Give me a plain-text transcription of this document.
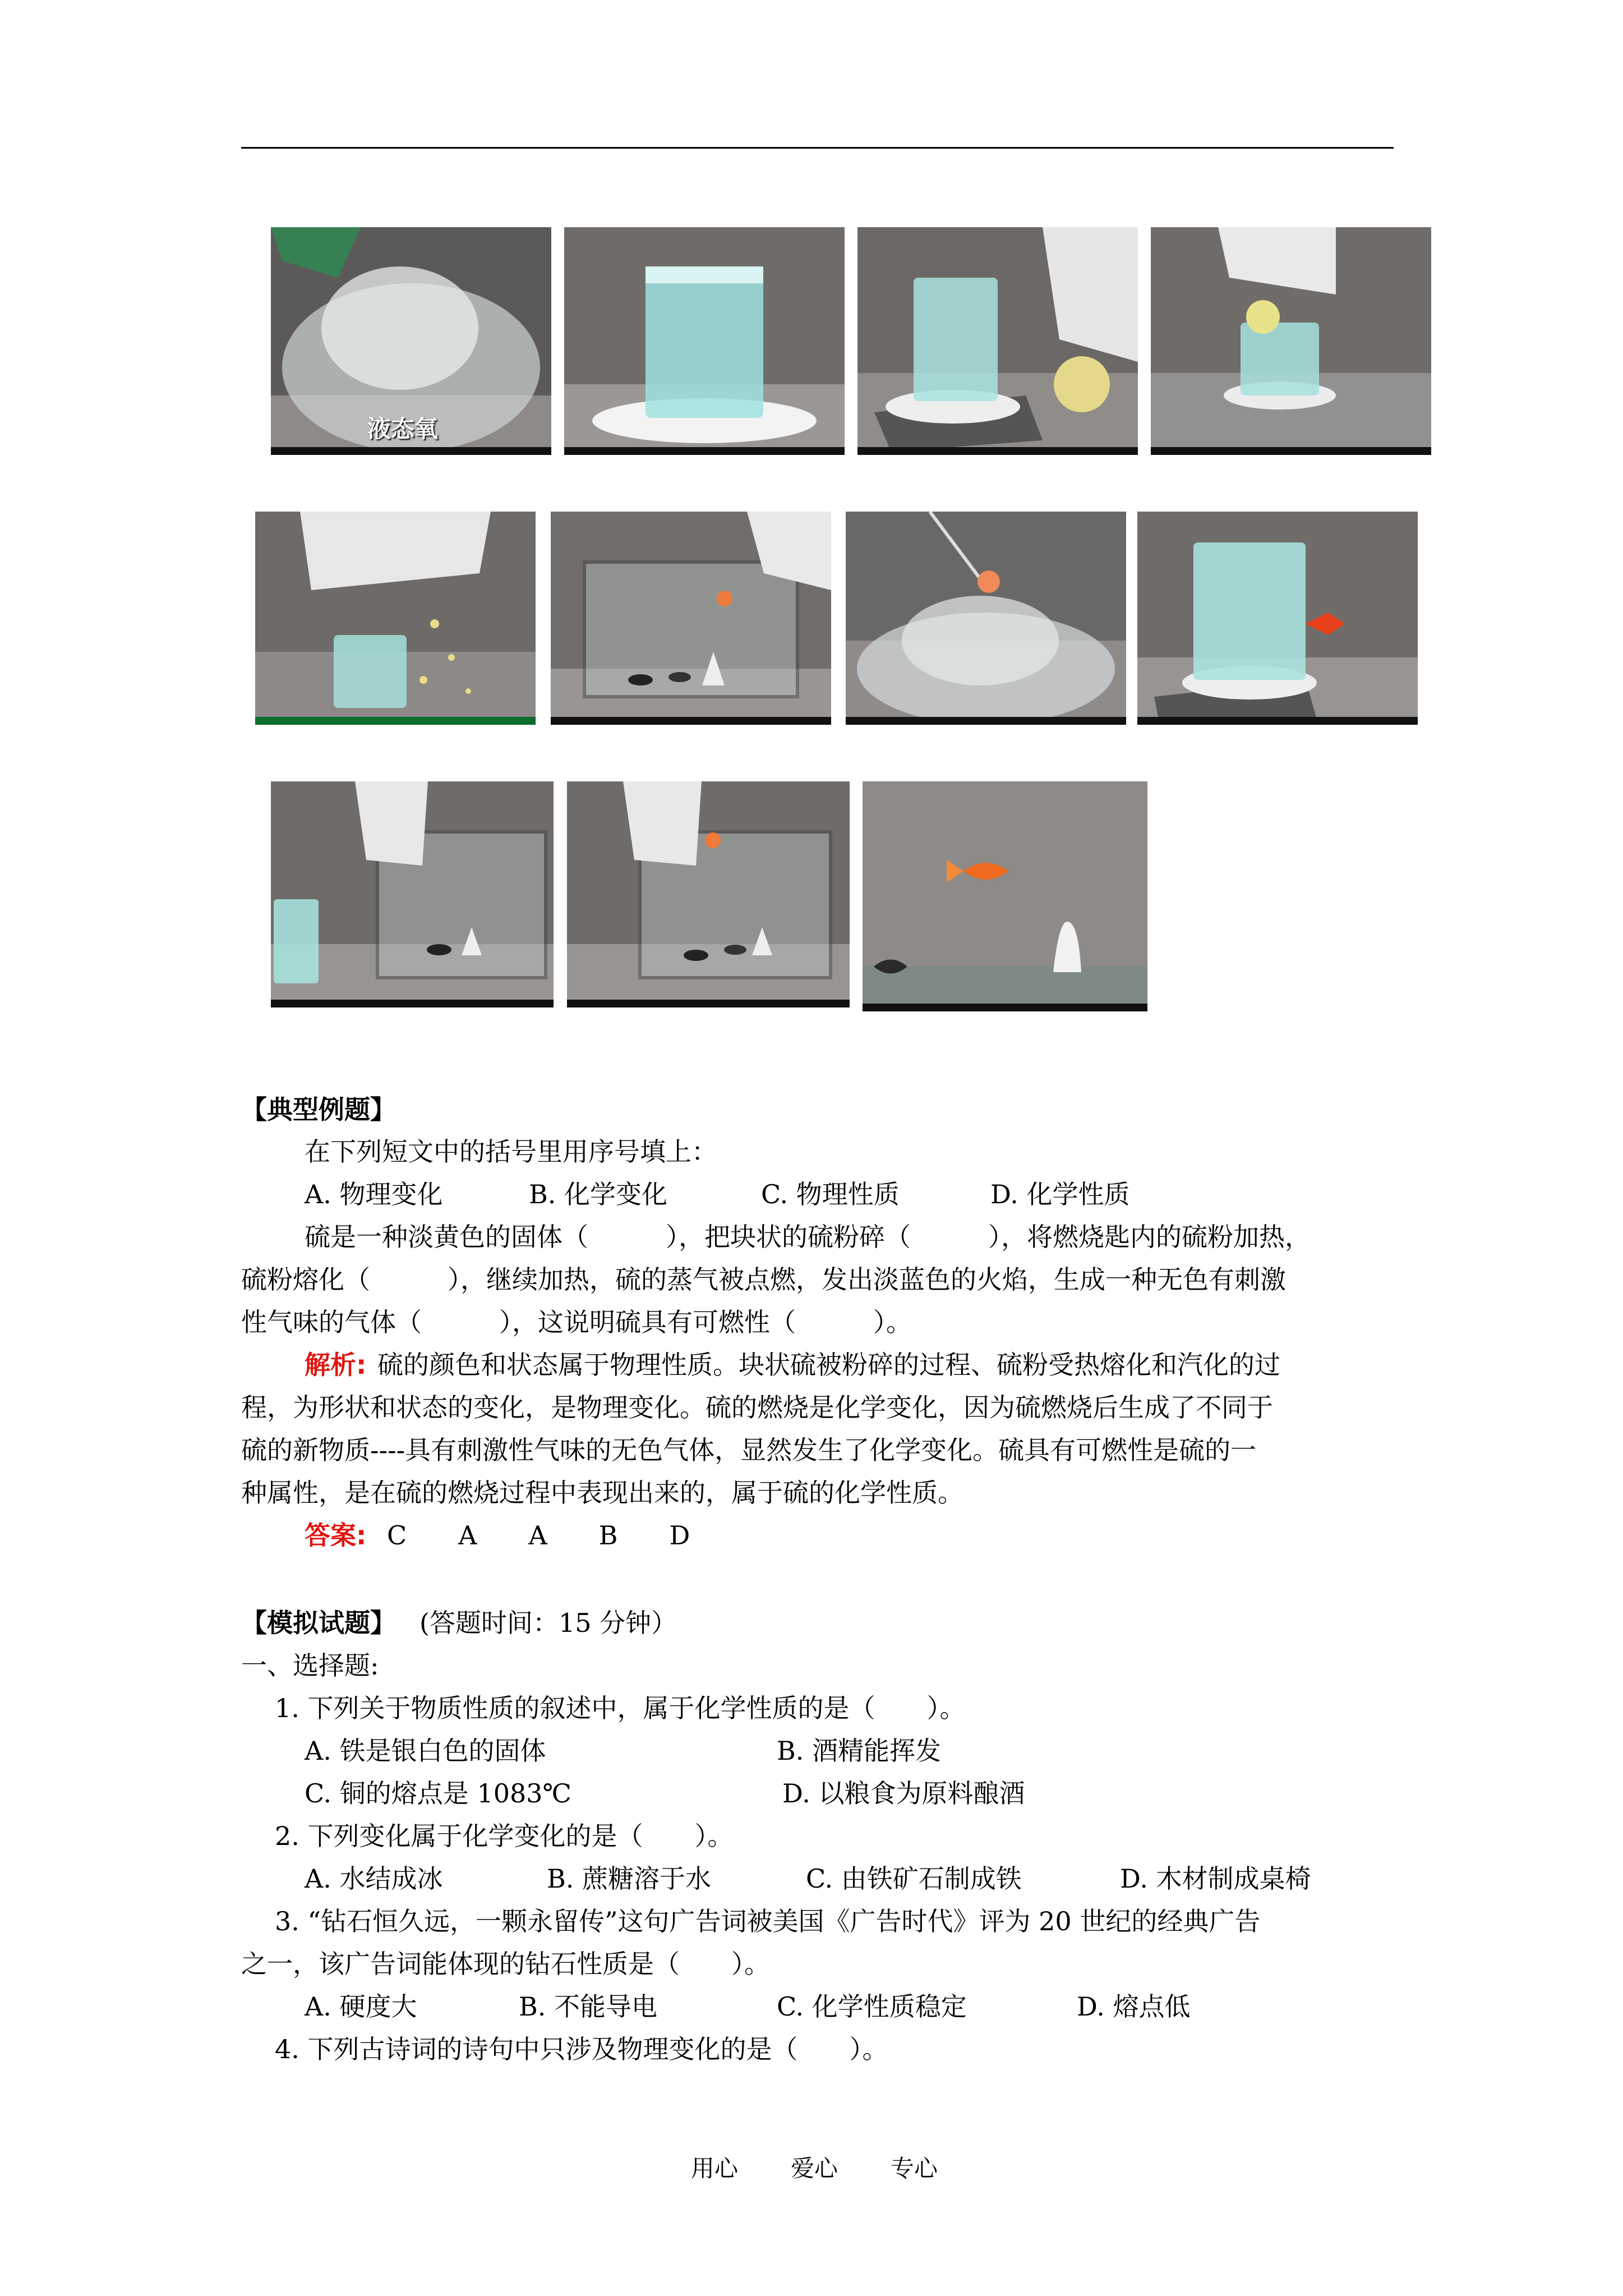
液态氧
【典型例题】
在下列短文中的括号里用序号填上：
A. 物理变化	B. 化学变化	C. 物理性质	D. 化学性质
硫是一种淡黄色的固体（　　　），把块状的硫粉碎（　　　），将燃烧匙内的硫粉加热，
硫粉熔化（　　　），继续加热，硫的蒸气被点燃，发出淡蓝色的火焰，生成一种无色有刺激
性气味的气体（　　　），这说明硫具有可燃性（　　　）。
解析: 硫的颜色和状态属于物理性质。块状硫被粉碎的过程、硫粉受热熔化和汽化的过
程，为形状和状态的变化，是物理变化。硫的燃烧是化学变化，因为硫燃烧后生成了不同于
硫的新物质----具有刺激性气味的无色气体，显然发生了化学变化。硫具有可燃性是硫的一
种属性，是在硫的燃烧过程中表现出来的，属于硫的化学性质。
答案: C　　A　　A　　B　　D
【模拟试题】 (答题时间：15 分钟）
一、选择题:
1. 下列关于物质性质的叙述中，属于化学性质的是（　　）。
A. 铁是银白色的固体	B. 酒精能挥发
C. 铜的熔点是 1083℃	D. 以粮食为原料酿酒
2. 下列变化属于化学变化的是（　　）。
A. 水结成冰	B. 蔗糖溶于水	C. 由铁矿石制成铁	D. 木材制成桌椅
3. “钻石恒久远，一颗永留传”这句广告词被美国《广告时代》评为 20 世纪的经典广告
之一，该广告词能体现的钻石性质是（　　）。
A. 硬度大	B. 不能导电	C. 化学性质稳定	D. 熔点低
4. 下列古诗词的诗句中只涉及物理变化的是（　　）。
用心 爱心 专心
